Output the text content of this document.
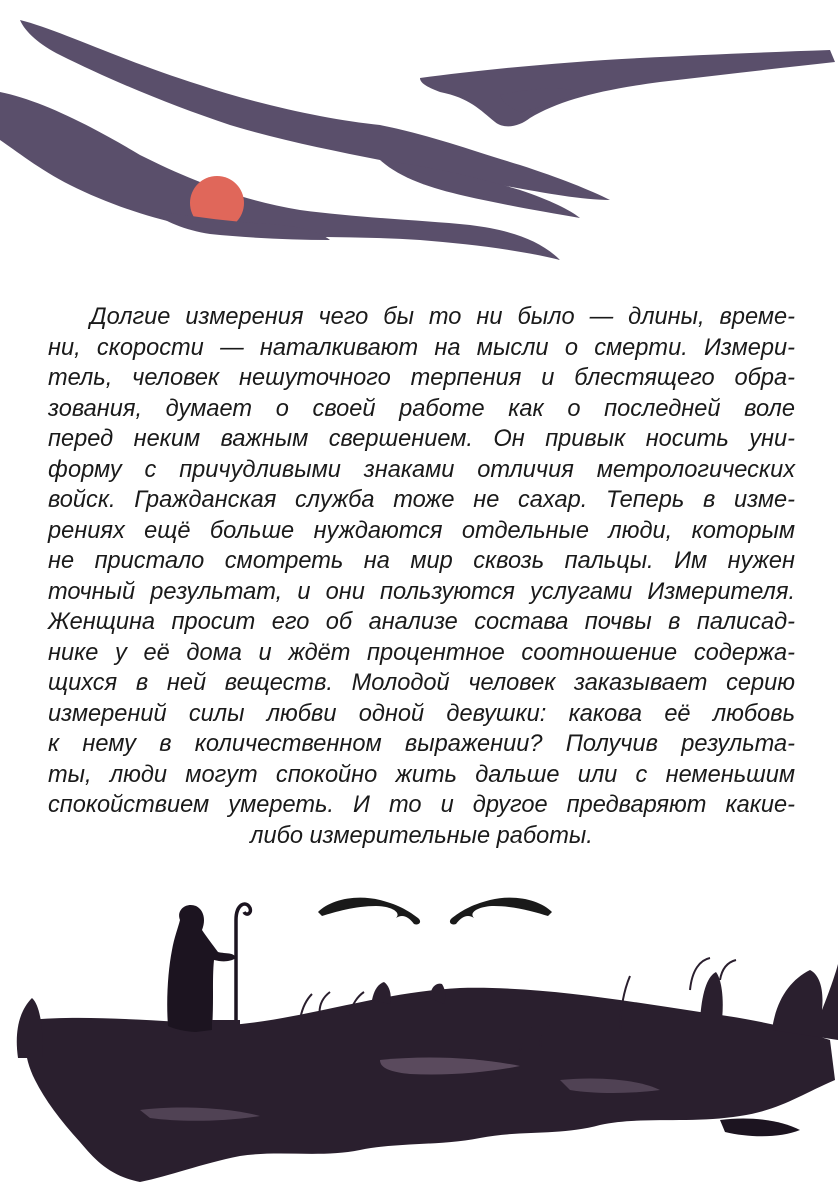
Долгие измерения чего бы то ни было — длины, време-
ни, скорости — наталкивают на мысли о смерти. Измери-
тель, человек нешуточного терпения и блестящего обра-
зования, думает о своей работе как о последней воле
перед неким важным свершением. Он привык носить уни-
форму с причудливыми знаками отличия метрологических
войск. Гражданская служба тоже не сахар. Теперь в изме-
рениях ещё больше нуждаются отдельные люди, которым
не пристало смотреть на мир сквозь пальцы. Им нужен
точный результат, и они пользуются услугами Измерителя.
Женщина просит его об анализе состава почвы в палисад-
нике у её дома и ждёт процентное соотношение содержа-
щихся в ней веществ. Молодой человек заказывает серию
измерений силы любви одной девушки: какова её любовь
к нему в количественном выражении? Получив результа-
ты, люди могут спокойно жить дальше или с неменьшим
спокойствием умереть. И то и другое предваряют какие-
либо измерительные работы.
